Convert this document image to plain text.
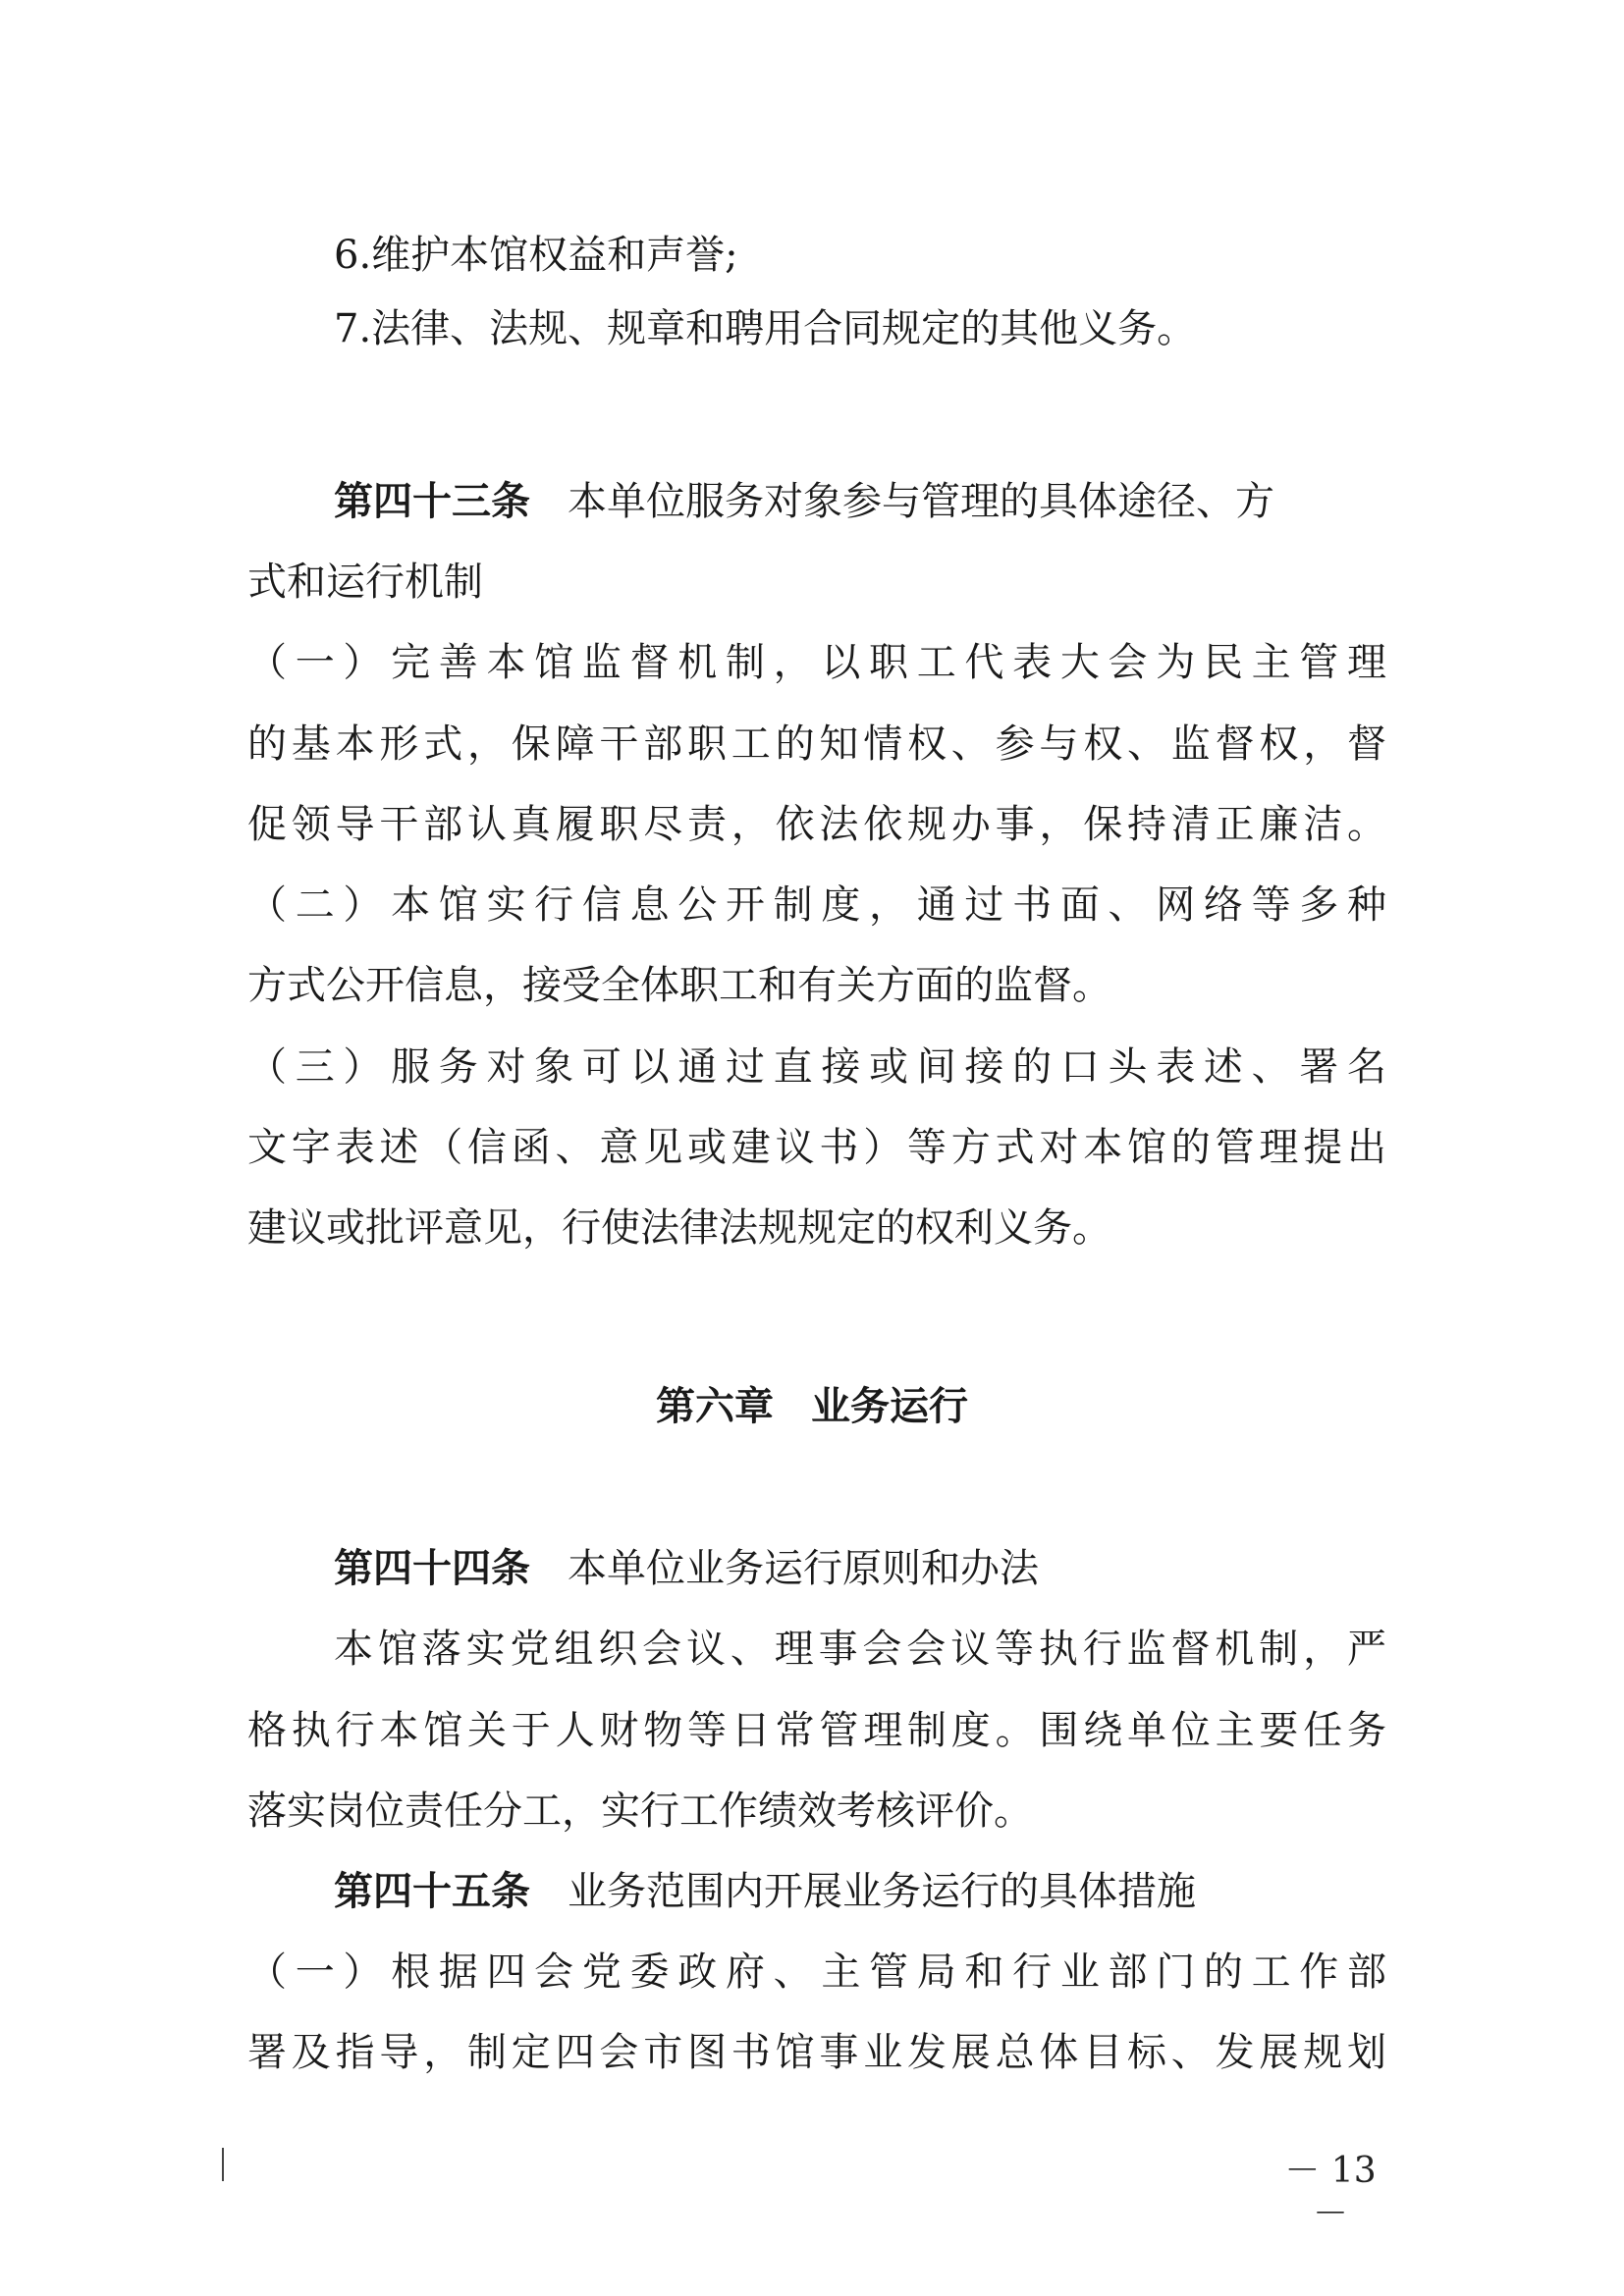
6.维护本馆权益和声誉;
7.法律、法规、规章和聘用合同规定的其他义务。
第四十三条 本单位服务对象参与管理的具体途径、方
式和运行机制
（一）完善本馆监督机制，以职工代表大会为民主管理
的基本形式，保障干部职工的知情权、参与权、监督权，督
促领导干部认真履职尽责，依法依规办事，保持清正廉洁。
（二）本馆实行信息公开制度，通过书面、网络等多种
方式公开信息，接受全体职工和有关方面的监督。
（三）服务对象可以通过直接或间接的口头表述、署名
文字表述（信函、意见或建议书）等方式对本馆的管理提出
建议或批评意见，行使法律法规规定的权利义务。
第六章 业务运行
第四十四条 本单位业务运行原则和办法
本馆落实党组织会议、理事会会议等执行监督机制，严
格执行本馆关于人财物等日常管理制度。围绕单位主要任务
落实岗位责任分工，实行工作绩效考核评价。
第四十五条 业务范围内开展业务运行的具体措施
（一）根据四会党委政府、主管局和行业部门的工作部
署及指导，制定四会市图书馆事业发展总体目标、发展规划
－ 13 －
